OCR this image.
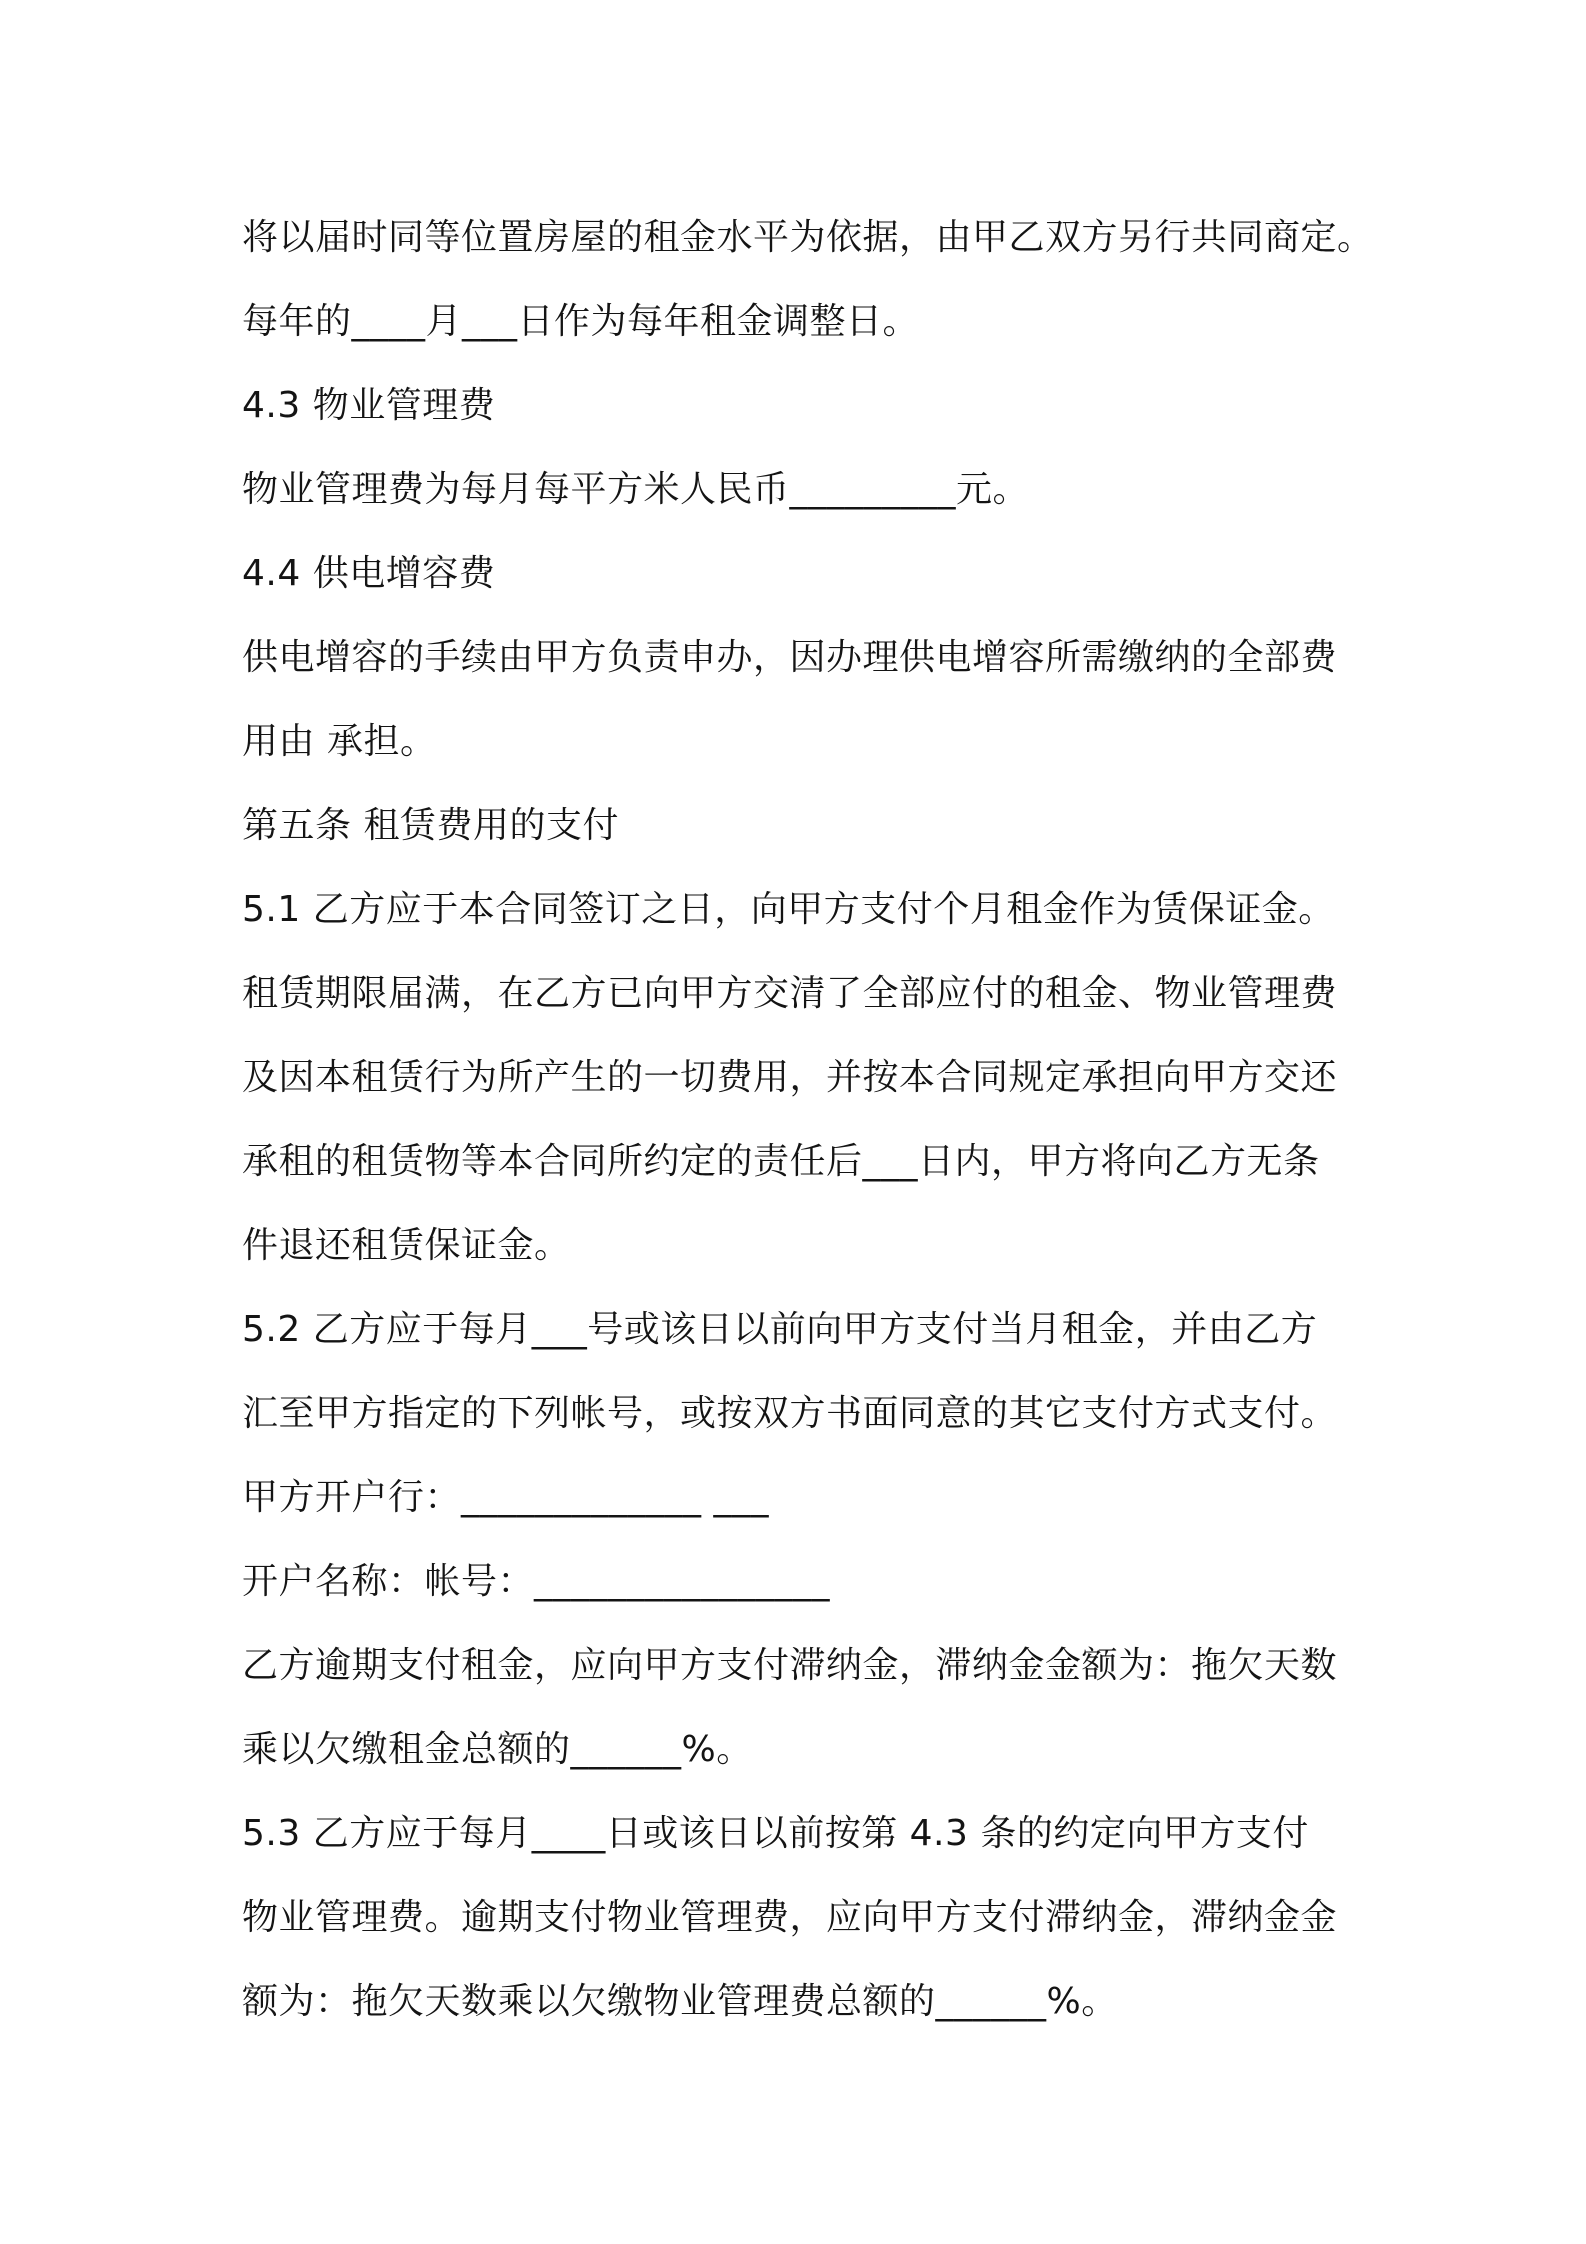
将以届时同等位置房屋的租金水平为依据，由甲乙双方另行共同商定。
每年的____月___日作为每年租金调整日。
4.3 物业管理费
物业管理费为每月每平方米人民币_________元。
4.4 供电增容费
供电增容的手续由甲方负责申办，因办理供电增容所需缴纳的全部费
用由 承担。
第五条 租赁费用的支付
5.1 乙方应于本合同签订之日，向甲方支付个月租金作为赁保证金。
租赁期限届满，在乙方已向甲方交清了全部应付的租金、物业管理费
及因本租赁行为所产生的一切费用，并按本合同规定承担向甲方交还
承租的租赁物等本合同所约定的责任后___日内，甲方将向乙方无条
件退还租赁保证金。
5.2 乙方应于每月___号或该日以前向甲方支付当月租金，并由乙方
汇至甲方指定的下列帐号，或按双方书面同意的其它支付方式支付。
甲方开户行：_____________ ___
开户名称：帐号：________________
乙方逾期支付租金，应向甲方支付滞纳金，滞纳金金额为：拖欠天数
乘以欠缴租金总额的______%。
5.3 乙方应于每月____日或该日以前按第 4.3 条的约定向甲方支付
物业管理费。逾期支付物业管理费，应向甲方支付滞纳金，滞纳金金
额为：拖欠天数乘以欠缴物业管理费总额的______%。
